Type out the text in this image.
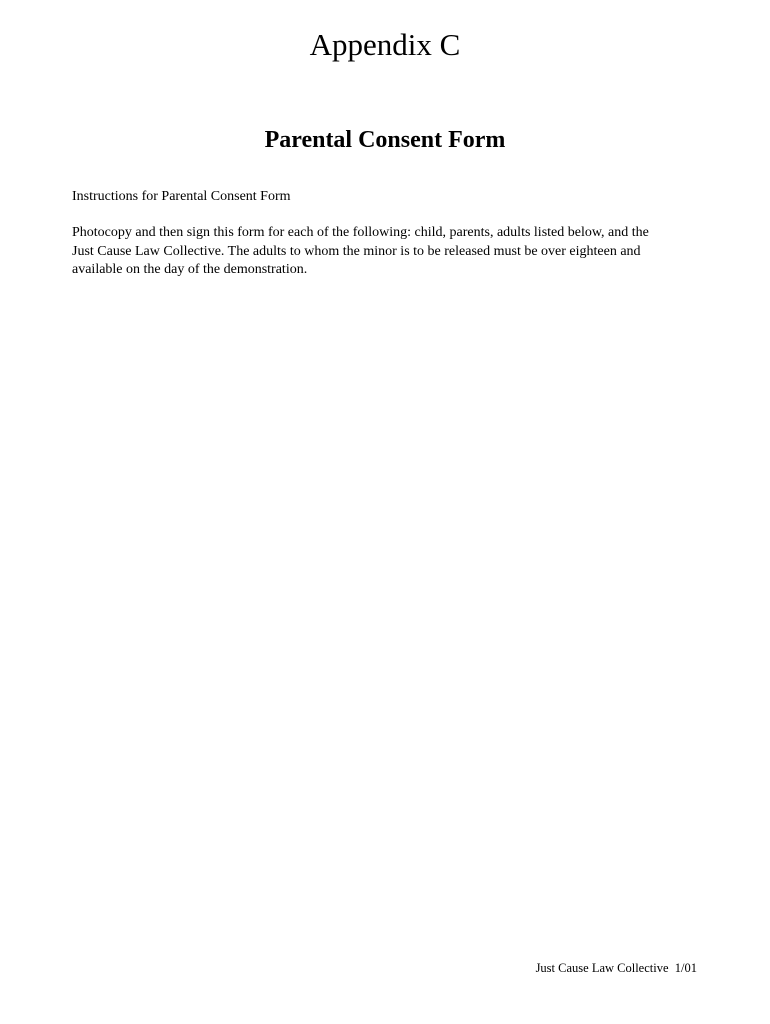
Appendix C
Parental Consent Form

Instructions for Parental Consent Form

Photocopy and then sign this form for each of the following: child, parents, adults listed below, and the
Just Cause Law Collective. The adults to whom the minor is to be released must be over eighteen and
available on the day of the demonstration.

Just Cause Law Collective  1/01
